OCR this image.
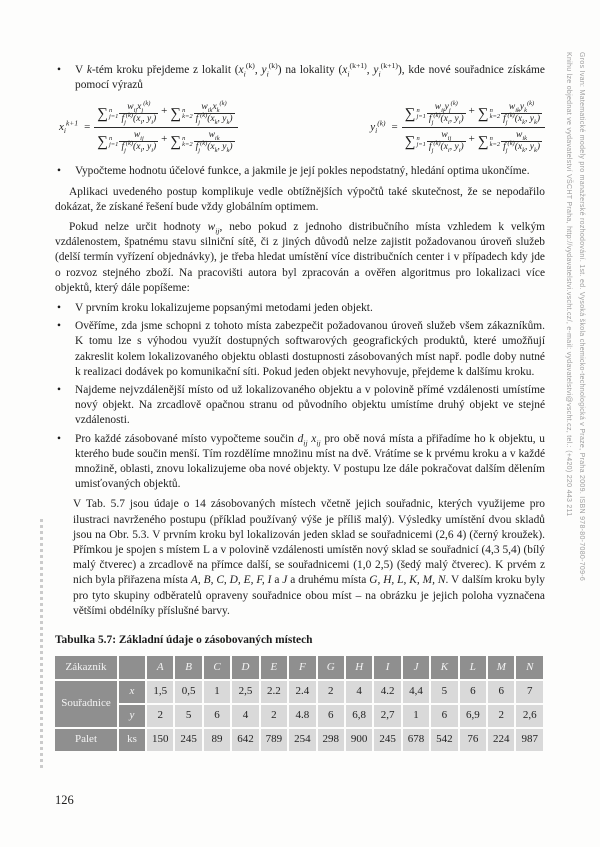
•	V k-tém kroku přejdeme z lokalit ($x_i^{(k)}$, $y_i^{(k)}$) na lokality ($x_i^{(k+1)}$, $y_i^{(k+1)}$), kde nové souřadnice získáme pomocí výrazů
$x_i^{k+1}$ =
∑ n
j=1
$w_{ij}x_j^{(k)}$
$f_j^{(k)}(x_i$, $y_i$)
+ ∑ n
k=2
$w_{ik}x_k^{(k)}$
$f_j^{(k)}(x_k$, $y_k$)
∑ n
j=1
$w_{ij}$
$f_j^{(k)}(x_i$, $y_i$)
+ ∑ n
k=2
$w_{ik}$
$f_j^{(k)}(x_k$, $y_k$)
$y_i^{(k)}$ =
∑ n
j=1
$w_{ij}y_j^{(k)}$
$f_j^{(k)}(x_i$, $y_i$)
+ ∑ n
k=2
$w_{ik}y_k^{(k)}$
$f_j^{(k)}(x_k$, $y_k$)
∑ n
j=1
$w_{ij}$
$f_j^{(k)}(x_i$, $y_i$)
+ ∑ n
k=2
$w_{ik}$
$f_j^{(k)}(x_k$, $y_k$)
•	Vypočteme hodnotu účelové funkce, a jakmile je její pokles nepodstatný, hledání optima ukončíme.

Aplikaci uvedeného postup komplikuje vedle obtížnějších výpočtů také skutečnost, že se nepodařilo dokázat, že získané řešení bude vždy globálním optimem.

Pokud nelze určit hodnoty $w_{ij}$, nebo pokud z jednoho distribučního místa vzhledem k velkým vzdálenostem, špatnému stavu silniční sítě, či z jiných důvodů nelze zajistit požadovanou úroveň služeb (delší termín vyřízení objednávky), je třeba hledat umístění více distribučních center i v případech kdy jde o rozvoz stejného zboží. Na pracovišti autora byl zpracován a ověřen algoritmus pro lokalizaci více objektů, který dále popíšeme:

•	V prvním kroku lokalizujeme popsanými metodami jeden objekt.
•	Ověříme, zda jsme schopni z tohoto místa zabezpečit požadovanou úroveň služeb všem zákazníkům. K tomu lze s výhodou využít dostupných softwarových geografických produktů, které umožňují zakreslit kolem lokalizovaného objektu oblasti dostupnosti zásobovaných míst např. podle doby nutné k realizaci dodávek po komunikační síti. Pokud jeden objekt nevyhovuje, přejdeme k dalšímu kroku.
•	Najdeme nejvzdálenější místo od už lokalizovaného objektu a v polovině přímé vzdálenosti umístíme nový objekt. Na zrcadlově opačnou stranu od původního objektu umístíme druhý objekt ve stejné vzdálenosti.
•	Pro každé zásobované místo vypočteme součin $d_{ij}$ $x_{ij}$ pro obě nová místa a přiřadíme ho k objektu, u kterého bude součin menší. Tím rozdělíme množinu míst na dvě. Vrátíme se k prvému kroku a v každé množině, oblasti, znovu lokalizujeme oba nové objekty. V postupu lze dále pokračovat dalším dělením umisťovaných objektů.

V Tab. 5.7 jsou údaje o 14 zásobovaných místech včetně jejich souřadnic, kterých využijeme pro ilustraci navrženého postupu (příklad používaný výše je příliš malý). Výsledky umístění dvou skladů jsou na Obr. 5.3. V prvním kroku byl lokalizován jeden sklad se souřadnicemi (2,6 4) (černý kroužek). Přímkou je spojen s místem L a v polovině vzdálenosti umístěn nový sklad se souřadnicí (4,3 5,4) (bílý malý čtverec) a zrcadlově na přímce další, se souřadnicemi (1,0 2,5) (šedý malý čtverec). K prvém z nich byla přiřazena místa A, B, C, D, E, F, I a J a druhému místa G, H, L, K, M, N. V dalším kroku byly pro tyto skupiny odběratelů opraveny souřadnice obou míst – na obrázku je jejich poloha vyznačena většími obdélníky příslušné barvy.

Tabulka 5.7: Základní údaje o zásobovaných místech
Zákazník		A	B	C	D	E	F	G	H	I	J	K	L	M	N
Souřadnice	x	1,5	0,5	1	2,5	2.2	2.4	2	4	4.2	4,4	5	6	6	7
	y	2	5	6	4	2	4.8	6	6,8	2,7	1	6	6,9	2	2,6
Palet	ks	150	245	89	642	789	254	298	900	245	678	542	76	224	987
Gros Ivan: Matematické modely pro manažerské rozhodování. 1st. ed. Vysoká škola chemicko-technologická v Praze, Praha 2009. ISBN 978-80-7080-709-6
Knihu lze objednat ve vydavatelství VŠCHT Praha, http://vydavatelstvi.vscht.cz/, e-mail: vydavatelstvi@vscht.cz, tel.: (+420) 220 443 211
126
